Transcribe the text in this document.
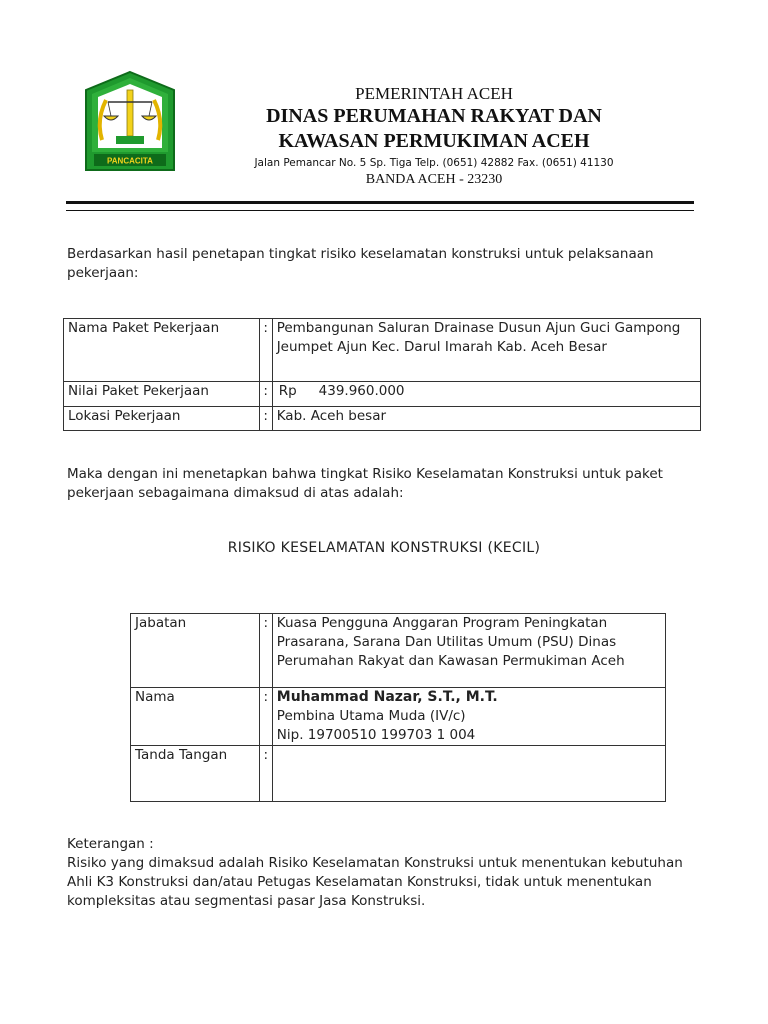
PANCACITA
PEMERINTAH ACEH
DINAS PERUMAHAN RAKYAT DAN
KAWASAN PERMUKIMAN ACEH
Jalan Pemancar No. 5 Sp. Tiga Telp. (0651) 42882 Fax. (0651) 41130
BANDA ACEH - 23230
Berdasarkan hasil penetapan tingkat risiko keselamatan konstruksi untuk pelaksanaan pekerjaan:
Nama Paket Pekerjaan	:	Pembangunan Saluran Drainase Dusun Ajun Guci Gampong Jeumpet Ajun Kec. Darul Imarah Kab. Aceh Besar
Nilai Paket Pekerjaan	:	Rp 439.960.000
Lokasi Pekerjaan	:	Kab. Aceh besar
Maka dengan ini menetapkan bahwa tingkat Risiko Keselamatan Konstruksi untuk paket pekerjaan sebagaimana dimaksud di atas adalah:
RISIKO KESELAMATAN KONSTRUKSI (KECIL)
Jabatan	:	Kuasa Pengguna Anggaran Program Peningkatan Prasarana, Sarana Dan Utilitas Umum (PSU) Dinas Perumahan Rakyat dan Kawasan Permukiman Aceh
Nama	:	Muhammad Nazar, S.T., M.T.
Pembina Utama Muda (IV/c)
Nip. 19700510 199703 1 004

Tanda Tangan	:	
Keterangan :
Risiko yang dimaksud adalah Risiko Keselamatan Konstruksi untuk menentukan kebutuhan Ahli K3 Konstruksi dan/atau Petugas Keselamatan Konstruksi, tidak untuk menentukan kompleksitas atau segmentasi pasar Jasa Konstruksi.
